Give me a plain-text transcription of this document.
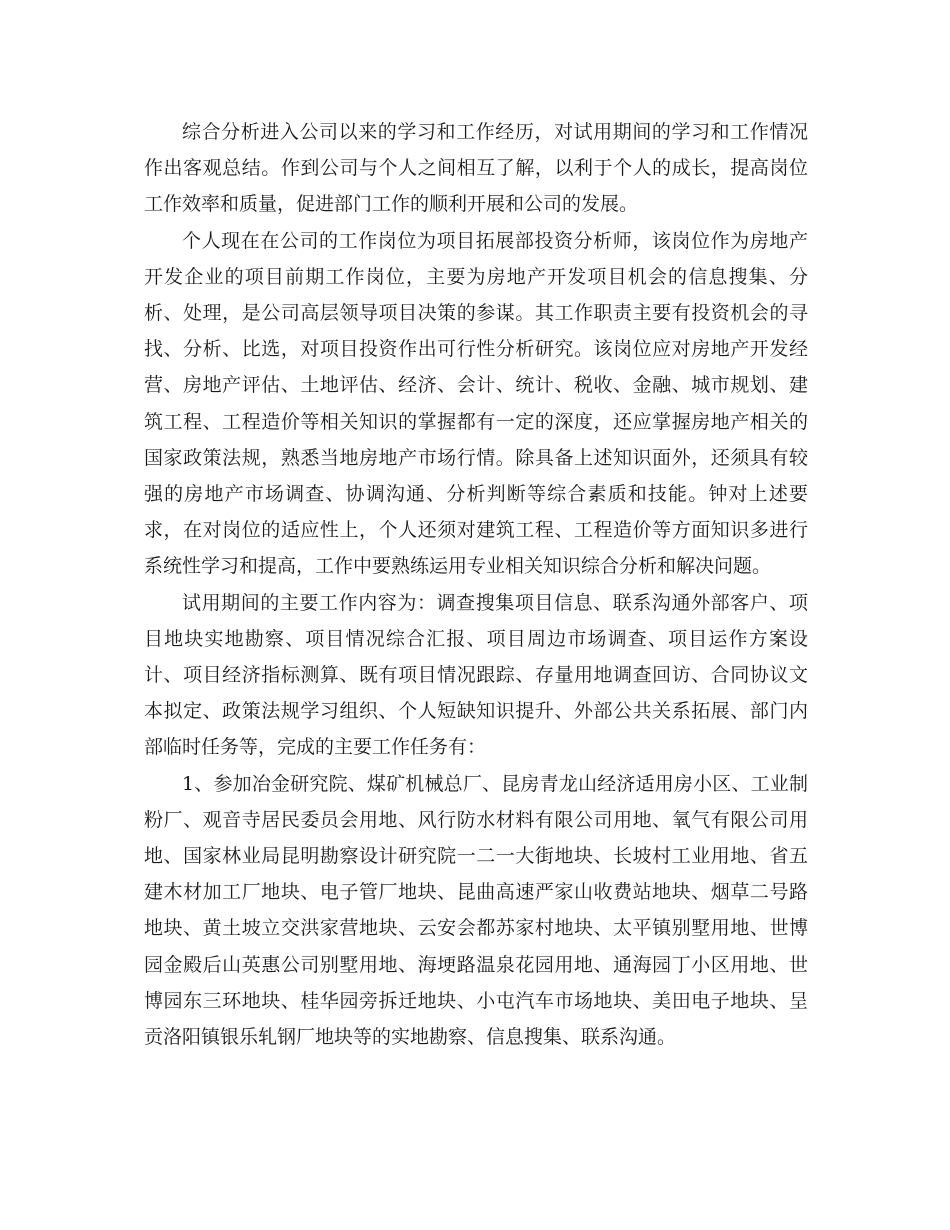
综合分析进入公司以来的学习和工作经历，对试用期间的学习和工作情况作出客观总结。作到公司与个人之间相互了解，以利于个人的成长，提高岗位工作效率和质量，促进部门工作的顺利开展和公司的发展。

个人现在在公司的工作岗位为项目拓展部投资分析师，该岗位作为房地产开发企业的项目前期工作岗位，主要为房地产开发项目机会的信息搜集、分析、处理，是公司高层领导项目决策的参谋。其工作职责主要有投资机会的寻找、分析、比选，对项目投资作出可行性分析研究。该岗位应对房地产开发经营、房地产评估、土地评估、经济、会计、统计、税收、金融、城市规划、建筑工程、工程造价等相关知识的掌握都有一定的深度，还应掌握房地产相关的国家政策法规，熟悉当地房地产市场行情。除具备上述知识面外，还须具有较强的房地产市场调查、协调沟通、分析判断等综合素质和技能。钟对上述要求，在对岗位的适应性上，个人还须对建筑工程、工程造价等方面知识多进行系统性学习和提高，工作中要熟练运用专业相关知识综合分析和解决问题。

试用期间的主要工作内容为：调查搜集项目信息、联系沟通外部客户、项目地块实地勘察、项目情况综合汇报、项目周边市场调查、项目运作方案设计、项目经济指标测算、既有项目情况跟踪、存量用地调查回访、合同协议文本拟定、政策法规学习组织、个人短缺知识提升、外部公共关系拓展、部门内部临时任务等，完成的主要工作任务有：

1、参加冶金研究院、煤矿机械总厂、昆房青龙山经济适用房小区、工业制粉厂、观音寺居民委员会用地、风行防水材料有限公司用地、氧气有限公司用地、国家林业局昆明勘察设计研究院一二一大街地块、长坡村工业用地、省五建木材加工厂地块、电子管厂地块、昆曲高速严家山收费站地块、烟草二号路地块、黄土坡立交洪家营地块、云安会都苏家村地块、太平镇别墅用地、世博园金殿后山英惠公司别墅用地、海埂路温泉花园用地、通海园丁小区用地、世博园东三环地块、桂华园旁拆迁地块、小屯汽车市场地块、美田电子地块、呈贡洛阳镇银乐轧钢厂地块等的实地勘察、信息搜集、联系沟通。
